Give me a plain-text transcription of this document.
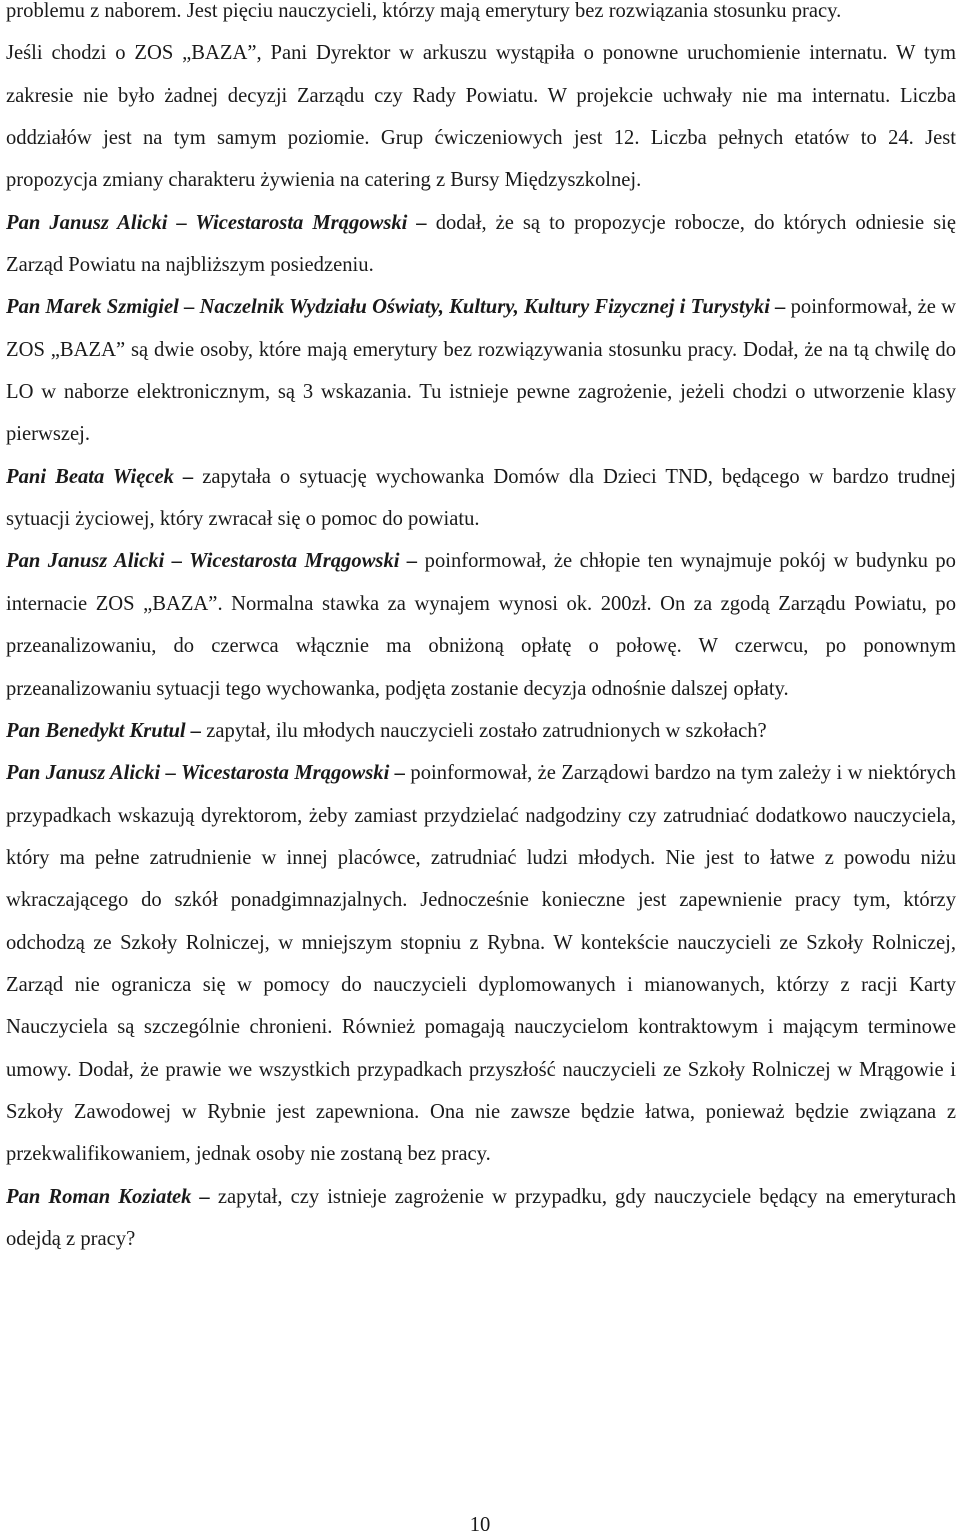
problemu z naborem. Jest pięciu nauczycieli, którzy mają emerytury bez rozwiązania stosunku pracy.

Jeśli chodzi o ZOS „BAZA”, Pani Dyrektor w arkuszu wystąpiła o ponowne uruchomienie internatu. W tym zakresie nie było żadnej decyzji Zarządu czy Rady Powiatu. W projekcie uchwały nie ma internatu. Liczba oddziałów jest na tym samym poziomie. Grup ćwiczeniowych jest 12. Liczba pełnych etatów to 24. Jest propozycja zmiany charakteru żywienia na catering z Bursy Międzyszkolnej.

Pan Janusz Alicki – Wicestarosta Mrągowski – dodał, że są to propozycje robocze, do których odniesie się Zarząd Powiatu na najbliższym posiedzeniu.

Pan Marek Szmigiel – Naczelnik Wydziału Oświaty, Kultury, Kultury Fizycznej i Turystyki – poinformował, że w ZOS „BAZA” są dwie osoby, które mają emerytury bez rozwiązywania stosunku pracy. Dodał, że na tą chwilę do LO w naborze elektronicznym, są 3 wskazania. Tu istnieje pewne zagrożenie, jeżeli chodzi o utworzenie klasy pierwszej.

Pani Beata Więcek – zapytała o sytuację wychowanka Domów dla Dzieci TND, będącego w bardzo trudnej sytuacji życiowej, który zwracał się o pomoc do powiatu.

Pan Janusz Alicki – Wicestarosta Mrągowski – poinformował, że chłopie ten wynajmuje pokój w budynku po internacie ZOS „BAZA”. Normalna stawka za wynajem wynosi ok. 200zł. On za zgodą Zarządu Powiatu, po przeanalizowaniu, do czerwca włącznie ma obniżoną opłatę o połowę. W czerwcu, po ponownym przeanalizowaniu sytuacji tego wychowanka, podjęta zostanie decyzja odnośnie dalszej opłaty.

Pan Benedykt Krutul – zapytał, ilu młodych nauczycieli zostało zatrudnionych w szkołach?

Pan Janusz Alicki – Wicestarosta Mrągowski – poinformował, że Zarządowi bardzo na tym zależy i w niektórych przypadkach wskazują dyrektorom, żeby zamiast przydzielać nadgodziny czy zatrudniać dodatkowo nauczyciela, który ma pełne zatrudnienie w innej placówce, zatrudniać ludzi młodych. Nie jest to łatwe z powodu niżu wkraczającego do szkół ponadgimnazjalnych. Jednocześnie konieczne jest zapewnienie pracy tym, którzy odchodzą ze Szkoły Rolniczej, w mniejszym stopniu z Rybna. W kontekście nauczycieli ze Szkoły Rolniczej, Zarząd nie ogranicza się w pomocy do nauczycieli dyplomowanych i mianowanych, którzy z racji Karty Nauczyciela są szczególnie chronieni. Również pomagają nauczycielom kontraktowym i mającym terminowe umowy. Dodał, że prawie we wszystkich przypadkach przyszłość nauczycieli ze Szkoły Rolniczej w Mrągowie i Szkoły Zawodowej w Rybnie jest zapewniona. Ona nie zawsze będzie łatwa, ponieważ będzie związana z przekwalifikowaniem, jednak osoby nie zostaną bez pracy.

Pan Roman Koziatek – zapytał, czy istnieje zagrożenie w przypadku, gdy nauczyciele będący na emeryturach odejdą z pracy?

10
